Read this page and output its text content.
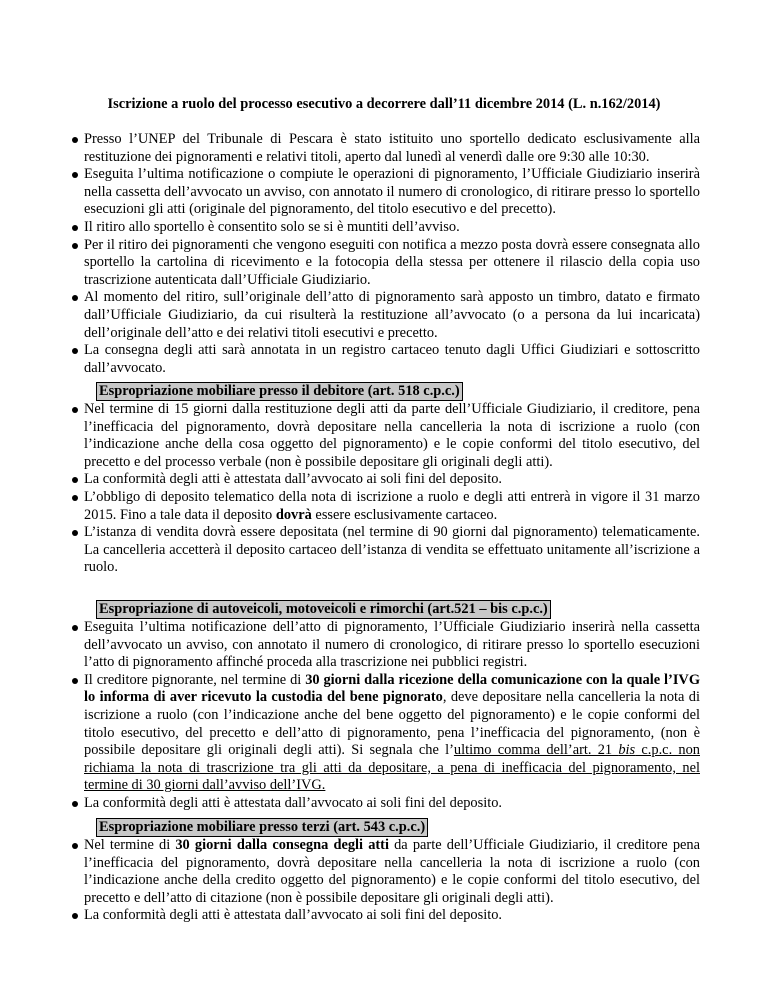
Iscrizione a ruolo del processo esecutivo a decorrere dall’11 dicembre 2014 (L. n.162/2014)
Presso l’UNEP del Tribunale di Pescara è stato istituito uno sportello dedicato esclusivamente alla restituzione dei pignoramenti e relativi titoli, aperto dal lunedì al venerdì dalle ore 9:30 alle 10:30.
Eseguita l’ultima notificazione o compiute le operazioni di pignoramento, l’Ufficiale Giudiziario inserirà nella cassetta dell’avvocato un avviso, con annotato il numero di cronologico, di ritirare presso lo sportello esecuzioni gli atti (originale del pignoramento, del titolo esecutivo e del precetto).
Il ritiro allo sportello è consentito solo se si è muntiti dell’avviso.
Per il ritiro dei pignoramenti che vengono eseguiti con notifica a mezzo posta dovrà essere consegnata allo sportello la cartolina di ricevimento e la fotocopia della stessa per ottenere il rilascio della copia uso trascrizione autenticata dall’Ufficiale Giudiziario.
Al momento del ritiro, sull’originale dell’atto di pignoramento sarà apposto un timbro, datato e firmato dall’Ufficiale Giudiziario, da cui risulterà la restituzione all’avvocato (o a persona da lui incaricata) dell’originale dell’atto e dei relativi titoli esecutivi e precetto.
La consegna degli atti sarà annotata in un registro cartaceo tenuto dagli Uffici Giudiziari e sottoscritto dall’avvocato.
Espropriazione mobiliare presso il debitore (art. 518 c.p.c.)
Nel termine di 15 giorni dalla restituzione degli atti da parte dell’Ufficiale Giudiziario, il creditore, pena l’inefficacia del pignoramento, dovrà depositare nella cancelleria la nota di iscrizione a ruolo (con l’indicazione anche della cosa oggetto del pignoramento) e le copie conformi del titolo esecutivo, del precetto e del processo verbale (non è possibile depositare gli originali degli atti).
La conformità degli atti è attestata dall’avvocato ai soli fini del deposito.
L’obbligo di deposito telematico della nota di iscrizione a ruolo e degli atti entrerà in vigore il 31 marzo 2015. Fino a tale data il deposito dovrà essere esclusivamente cartaceo.
L’istanza di vendita dovrà essere depositata (nel termine di 90 giorni dal pignoramento) telematicamente. La cancelleria accetterà il deposito cartaceo dell’istanza di vendita se effettuato unitamente all’iscrizione a ruolo.
Espropriazione di autoveicoli, motoveicoli e rimorchi (art.521 – bis c.p.c.)
Eseguita l’ultima notificazione dell’atto di pignoramento, l’Ufficiale Giudiziario inserirà nella cassetta dell’avvocato un avviso, con annotato il numero di cronologico, di ritirare presso lo sportello esecuzioni l’atto di pignoramento affinché proceda alla trascrizione nei pubblici registri.
Il creditore pignorante, nel termine di 30 giorni dalla ricezione della comunicazione con la quale l’IVG lo informa di aver ricevuto la custodia del bene pignorato, deve depositare nella cancelleria la nota di iscrizione a ruolo (con l’indicazione anche del bene oggetto del pignoramento) e le copie conformi del titolo esecutivo, del precetto e dell’atto di pignoramento, pena l’inefficacia del pignoramento, (non è possibile depositare gli originali degli atti). Si segnala che l’ultimo comma dell’art. 21 bis c.p.c. non richiama la nota di trascrizione tra gli atti da depositare, a pena di inefficacia del pignoramento, nel termine di 30 giorni dall’avviso dell’IVG.
La conformità degli atti è attestata dall’avvocato ai soli fini del deposito.
Espropriazione mobiliare presso terzi (art. 543 c.p.c.)
Nel termine di 30 giorni dalla consegna degli atti da parte dell’Ufficiale Giudiziario, il creditore pena l’inefficacia del pignoramento, dovrà depositare nella cancelleria la nota di iscrizione a ruolo (con l’indicazione anche della credito oggetto del pignoramento) e le copie conformi del titolo esecutivo, del precetto e dell’atto di citazione (non è possibile depositare gli originali degli atti).
La conformità degli atti è attestata dall’avvocato ai soli fini del deposito.
